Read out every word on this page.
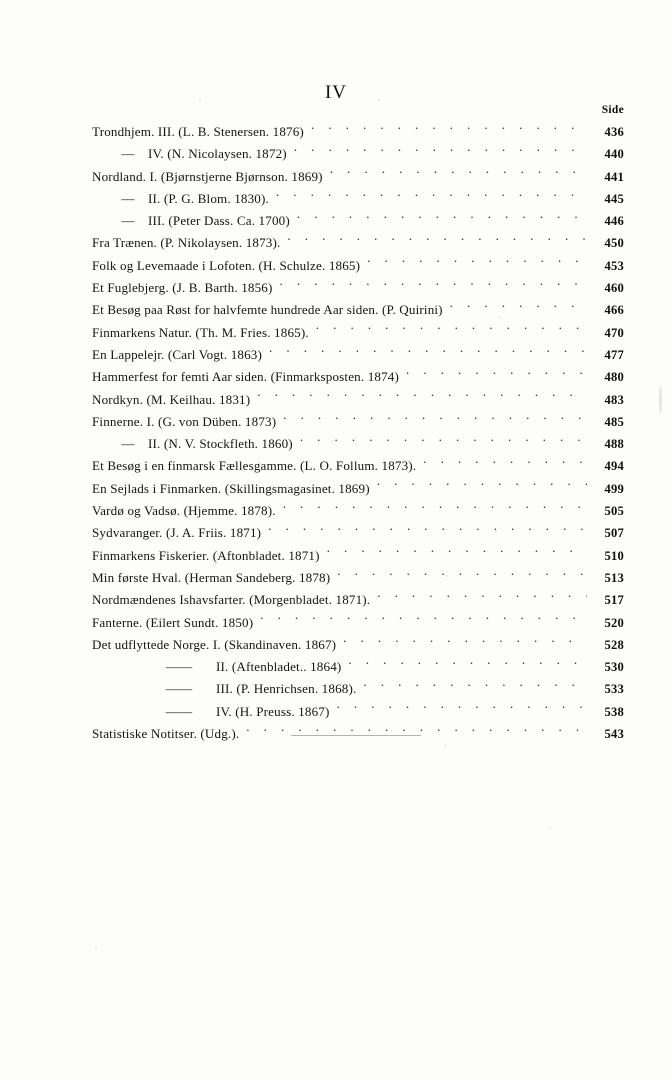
IV
Side
Trondhjem. III. (L. B. Stenersen. 1876) . . .	436
— IV. (N. Nicolaysen. 1872) . . .	440
Nordland. I. (Bjørnstjerne Bjørnson. 1869) . . .	441
— II. (P. G. Blom. 1830). . . .	445
— III. (Peter Dass. Ca. 1700) . . .	446
Fra Trænen. (P. Nikolaysen. 1873). . . .	450
Folk og Levemaade i Lofoten. (H. Schulze. 1865) . . .	453
Et Fuglebjerg. (J. B. Barth. 1856) . . .	460
Et Besøg paa Røst for halvfemte hundrede Aar siden. (P. Quirini) . . .	466
Finmarkens Natur. (Th. M. Fries. 1865). . . .	470
En Lappelejr. (Carl Vogt. 1863) . . .	477
Hammerfest for femti Aar siden. (Finmarksposten. 1874) . . .	480
Nordkyn. (M. Keilhau. 1831) . . .	483
Finnerne. I. (G. von Düben. 1873) . . .	485
— II. (N. V. Stockfleth. 1860) . . .	488
Et Besøg i en finmarsk Fællesgamme. (L. O. Follum. 1873). . . .	494
En Sejlads i Finmarken. (Skillingsmagasinet. 1869) . . .	499
Vardø og Vadsø. (Hjemme. 1878). . . .	505
Sydvaranger. (J. A. Friis. 1871) . . .	507
Finmarkens Fiskerier. (Aftonbladet. 1871) . . .	510
Min første Hval. (Herman Sandeberg. 1878) . . .	513
Nordmændenes Ishavsfarter. (Morgenbladet. 1871). . . .	517
Fanterne. (Eilert Sundt. 1850) . . .	520
Det udflyttede Norge. I. (Skandinaven. 1867) . . .	528
—— II. (Aftenbladet.. 1864) . . .	530
—— III. (P. Henrichsen. 1868). . . .	533
—— IV. (H. Preuss. 1867) . . .	538
Statistiske Notitser. (Udg.). . . .	543
